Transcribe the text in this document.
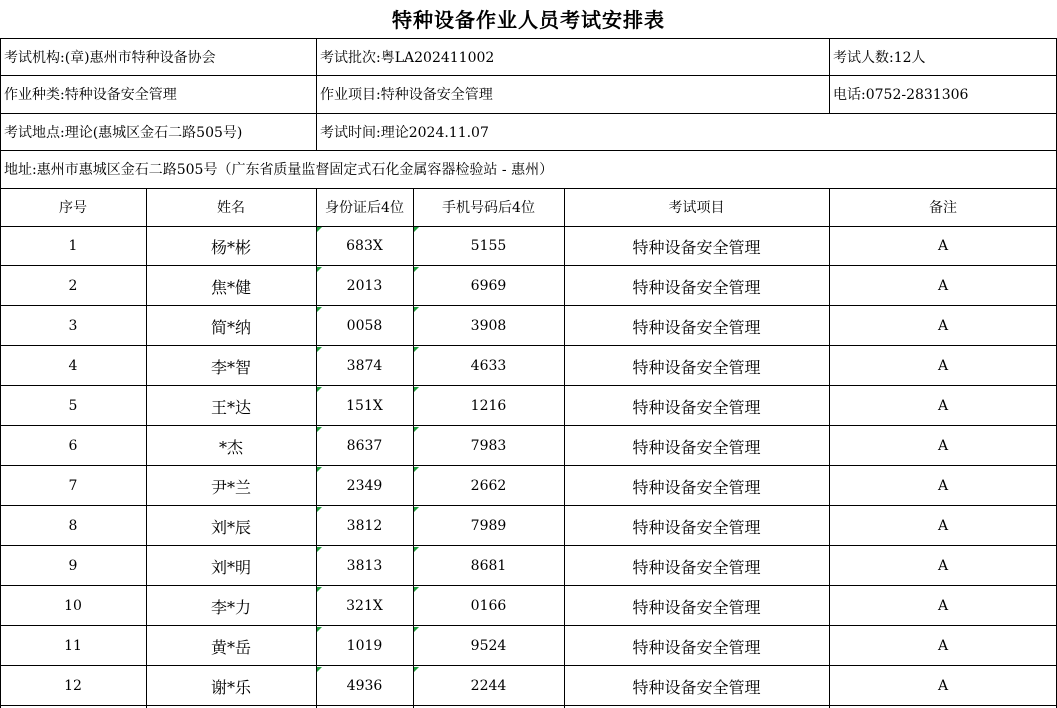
特种设备作业人员考试安排表
考试机构:(章)惠州市特种设备协会	考试批次:粤LA202411002	考试人数:12人
作业种类:特种设备安全管理	作业项目:特种设备安全管理	电话:0752-2831306
考试地点:理论(惠城区金石二路505号)	考试时间:理论2024.11.07
地址:惠州市惠城区金石二路505号（广东省质量监督固定式石化金属容器检验站 - 惠州）
序号	姓名	身份证后4位	手机号码后4位	考试项目	备注
1	杨*彬	683X	5155	特种设备安全管理	A
2	焦*健	2013	6969	特种设备安全管理	A
3	简*纳	0058	3908	特种设备安全管理	A
4	李*智	3874	4633	特种设备安全管理	A
5	王*达	151X	1216	特种设备安全管理	A
6	*杰	8637	7983	特种设备安全管理	A
7	尹*兰	2349	2662	特种设备安全管理	A
8	刘*辰	3812	7989	特种设备安全管理	A
9	刘*明	3813	8681	特种设备安全管理	A
10	李*力	321X	0166	特种设备安全管理	A
11	黄*岳	1019	9524	特种设备安全管理	A
12	谢*乐	4936	2244	特种设备安全管理	A
